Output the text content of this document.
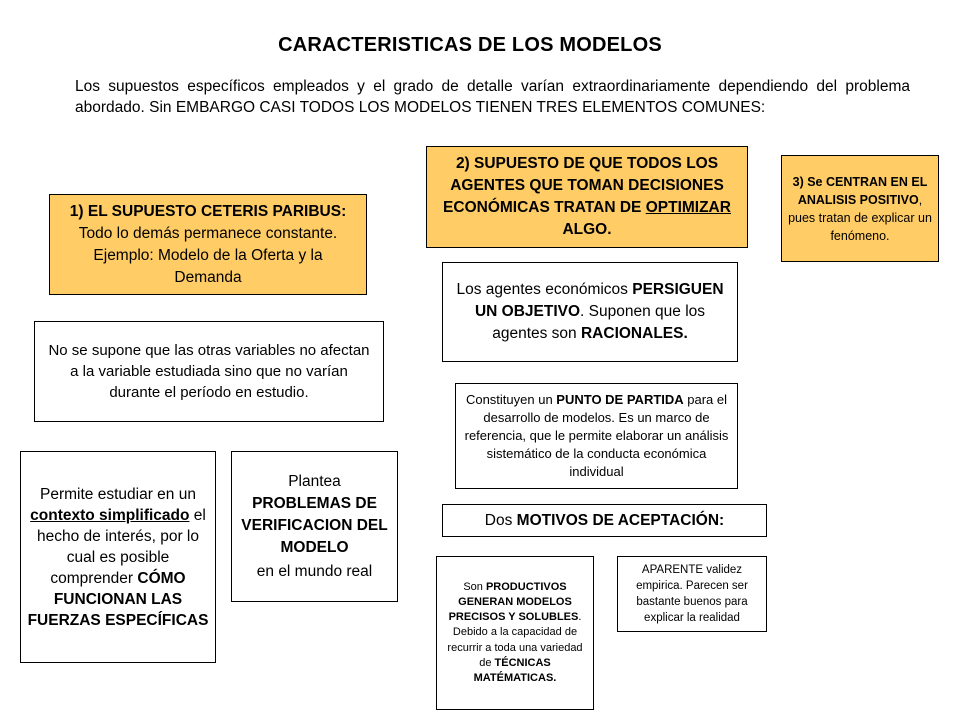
CARACTERISTICAS DE LOS MODELOS
Los supuestos específicos empleados y el grado de detalle varían extraordinariamente dependiendo del problema abordado. Sin EMBARGO CASI TODOS LOS MODELOS TIENEN TRES ELEMENTOS COMUNES:
1) EL SUPUESTO CETERIS PARIBUS: Todo lo demás permanece constante. Ejemplo: Modelo de la Oferta y la Demanda
2) SUPUESTO DE QUE TODOS LOS AGENTES QUE TOMAN DECISIONES ECONÓMICAS TRATAN DE OPTIMIZAR ALGO.
3) Se CENTRAN EN EL ANALISIS POSITIVO, pues tratan de explicar un fenómeno.
No se supone que las otras variables no afectan a la variable estudiada sino que no varían durante el período en estudio.
Permite estudiar en un contexto simplificado el hecho de interés, por lo cual es posible comprender CÓMO FUNCIONAN LAS FUERZAS ESPECÍFICAS
Plantea
PROBLEMAS DE VERIFICACION DEL MODELO
en el mundo real
Los agentes económicos PERSIGUEN UN OBJETIVO. Suponen que los agentes son RACIONALES.
Constituyen un PUNTO DE PARTIDA para el desarrollo de modelos. Es un marco de referencia, que le permite elaborar un análisis sistemático de la conducta económica individual
Dos MOTIVOS DE ACEPTACIÓN:
Son PRODUCTIVOS GENERAN MODELOS PRECISOS Y SOLUBLES. Debido a la capacidad de recurrir a toda una variedad de TÉCNICAS MATÉMATICAS.
APARENTE validez empirica. Parecen ser bastante buenos para explicar la realidad
